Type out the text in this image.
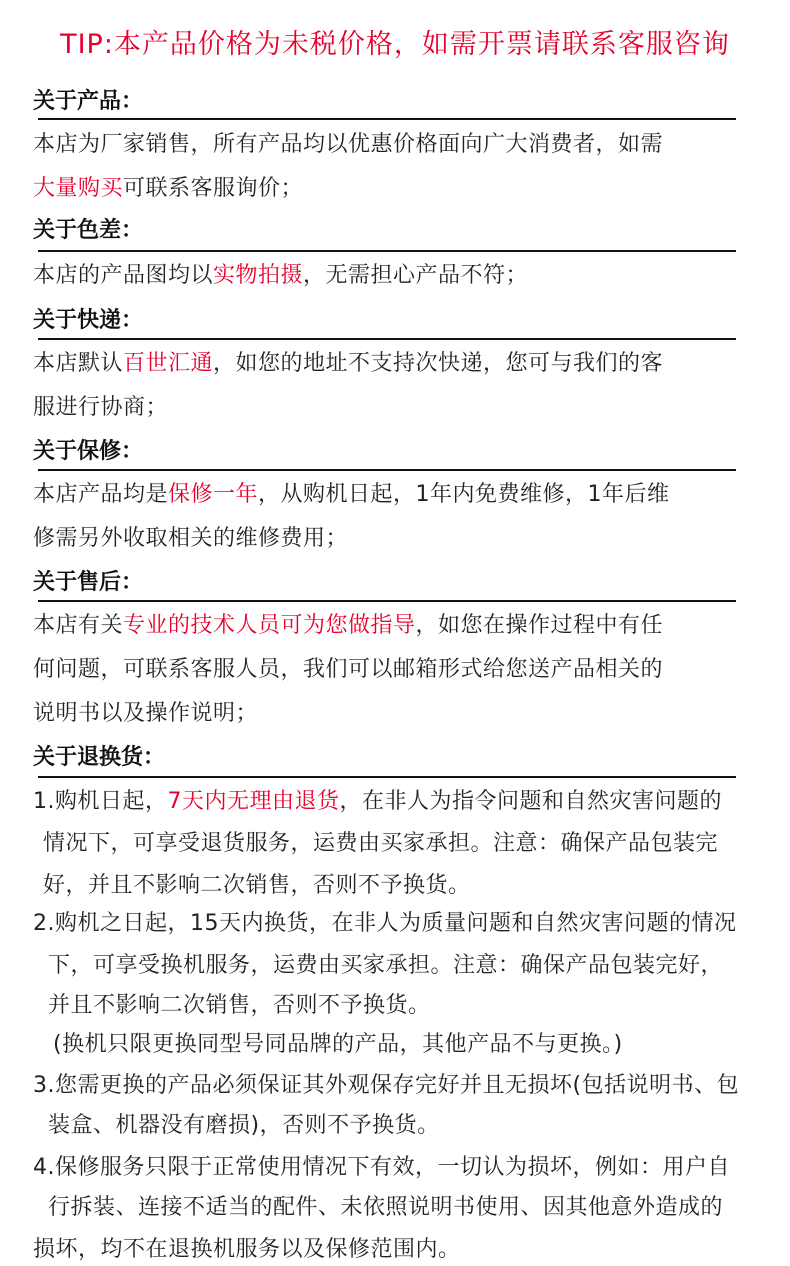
TIP:本产品价格为未税价格，如需开票请联系客服咨询
关于产品：
本店为厂家销售，所有产品均以优惠价格面向广大消费者，如需
大量购买可联系客服询价；
关于色差：
本店的产品图均以实物拍摄，无需担心产品不符；
关于快递：
本店默认百世汇通，如您的地址不支持次快递，您可与我们的客
服进行协商；
关于保修：
本店产品均是保修一年，从购机日起，1年内免费维修，1年后维
修需另外收取相关的维修费用；
关于售后：
本店有关专业的技术人员可为您做指导，如您在操作过程中有任
何问题，可联系客服人员，我们可以邮箱形式给您送产品相关的
说明书以及操作说明；
关于退换货：
1.购机日起，7天内无理由退货，在非人为指令问题和自然灾害问题的
情况下，可享受退货服务，运费由买家承担。注意：确保产品包装完
好，并且不影响二次销售，否则不予换货。
2.购机之日起，15天内换货，在非人为质量问题和自然灾害问题的情况
下，可享受换机服务，运费由买家承担。注意：确保产品包装完好，
并且不影响二次销售，否则不予换货。
(换机只限更换同型号同品牌的产品，其他产品不与更换。)
3.您需更换的产品必须保证其外观保存完好并且无损坏(包括说明书、包
装盒、机器没有磨损)，否则不予换货。
4.保修服务只限于正常使用情况下有效，一切认为损坏，例如：用户自
行拆装、连接不适当的配件、未依照说明书使用、因其他意外造成的
损坏，均不在退换机服务以及保修范围内。
